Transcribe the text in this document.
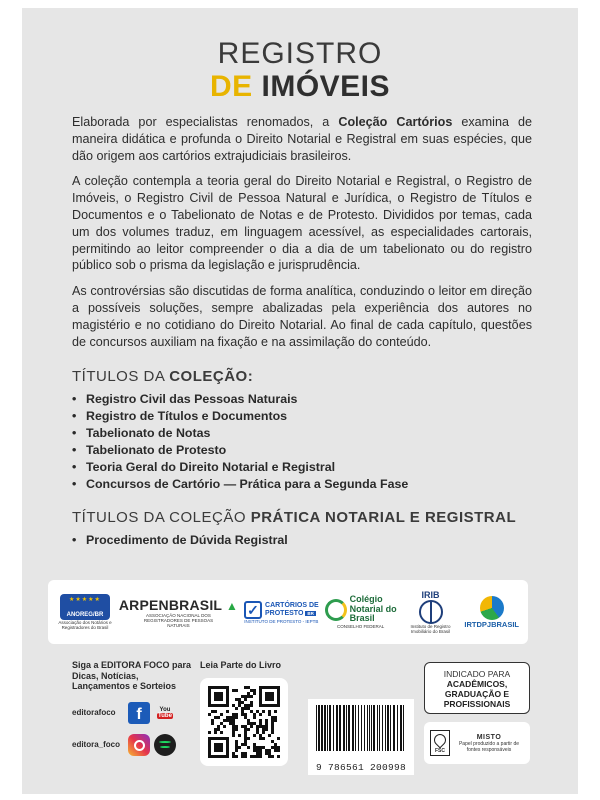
REGISTRO
DE IMÓVEIS

Elaborada por especialistas renomados, a Coleção Cartórios examina de maneira didática e profunda o Direito Notarial e Registral em suas espécies, que dão origem aos cartórios extrajudiciais brasileiros.

A coleção contempla a teoria geral do Direito Notarial e Registral, o Registro de Imóveis, o Registro Civil de Pessoa Natural e Jurídica, o Registro de Títulos e Documentos e o Tabelionato de Notas e de Protesto. Divididos por temas, cada um dos volumes traduz, em linguagem acessível, as especialidades cartorais, permitindo ao leitor compreender o dia a dia de um tabelionato ou do registro público sob o prisma da legislação e jurisprudência.

As controvérsias são discutidas de forma analítica, conduzindo o leitor em direção a possíveis soluções, sempre abalizadas pela experiência dos autores no magistério e no cotidiano do Direito Notarial. Ao final de cada capítulo, questões de concursos auxiliam na fixação e na assimilação do conteúdo.

TÍTULOS DA COLEÇÃO:
• Registro Civil das Pessoas Naturais
• Registro de Títulos e Documentos
• Tabelionato de Notas
• Tabelionato de Protesto
• Teoria Geral do Direito Notarial e Registral
• Concursos de Cartório — Prática para a Segunda Fase
TÍTULOS DA COLEÇÃO PRÁTICA NOTARIAL E REGISTRAL
• Procedimento de Dúvida Registral
★★★★★
ANOREG/BR
Associação dos Notários e Registradores do Brasil
ARPENBRASIL ▲
ASSOCIAÇÃO NACIONAL DOS REGISTRADORES DE PESSOAS NATURAIS
✓ CARTÓRIOS DE
PROTESTO BR
INSTITUTO DE PROTESTO - IEPTB
Colégio
Notarial do
Brasil
CONSELHO FEDERAL
IRIB
Instituto de Registro Imobiliário do Brasil
IRTDPJBRASIL
Siga a EDITORA FOCO para Dicas, Notícias, Lançamentos e Sorteios
editorafoco	f	You
Tube
editora_foco
Leia Parte do Livro
INDICADO PARA
ACADÊMICOS,
GRADUAÇÃO E
PROFISSIONAIS
9 786561 200998
FSC
MISTO
Papel produzido a partir de fontes responsáveis
